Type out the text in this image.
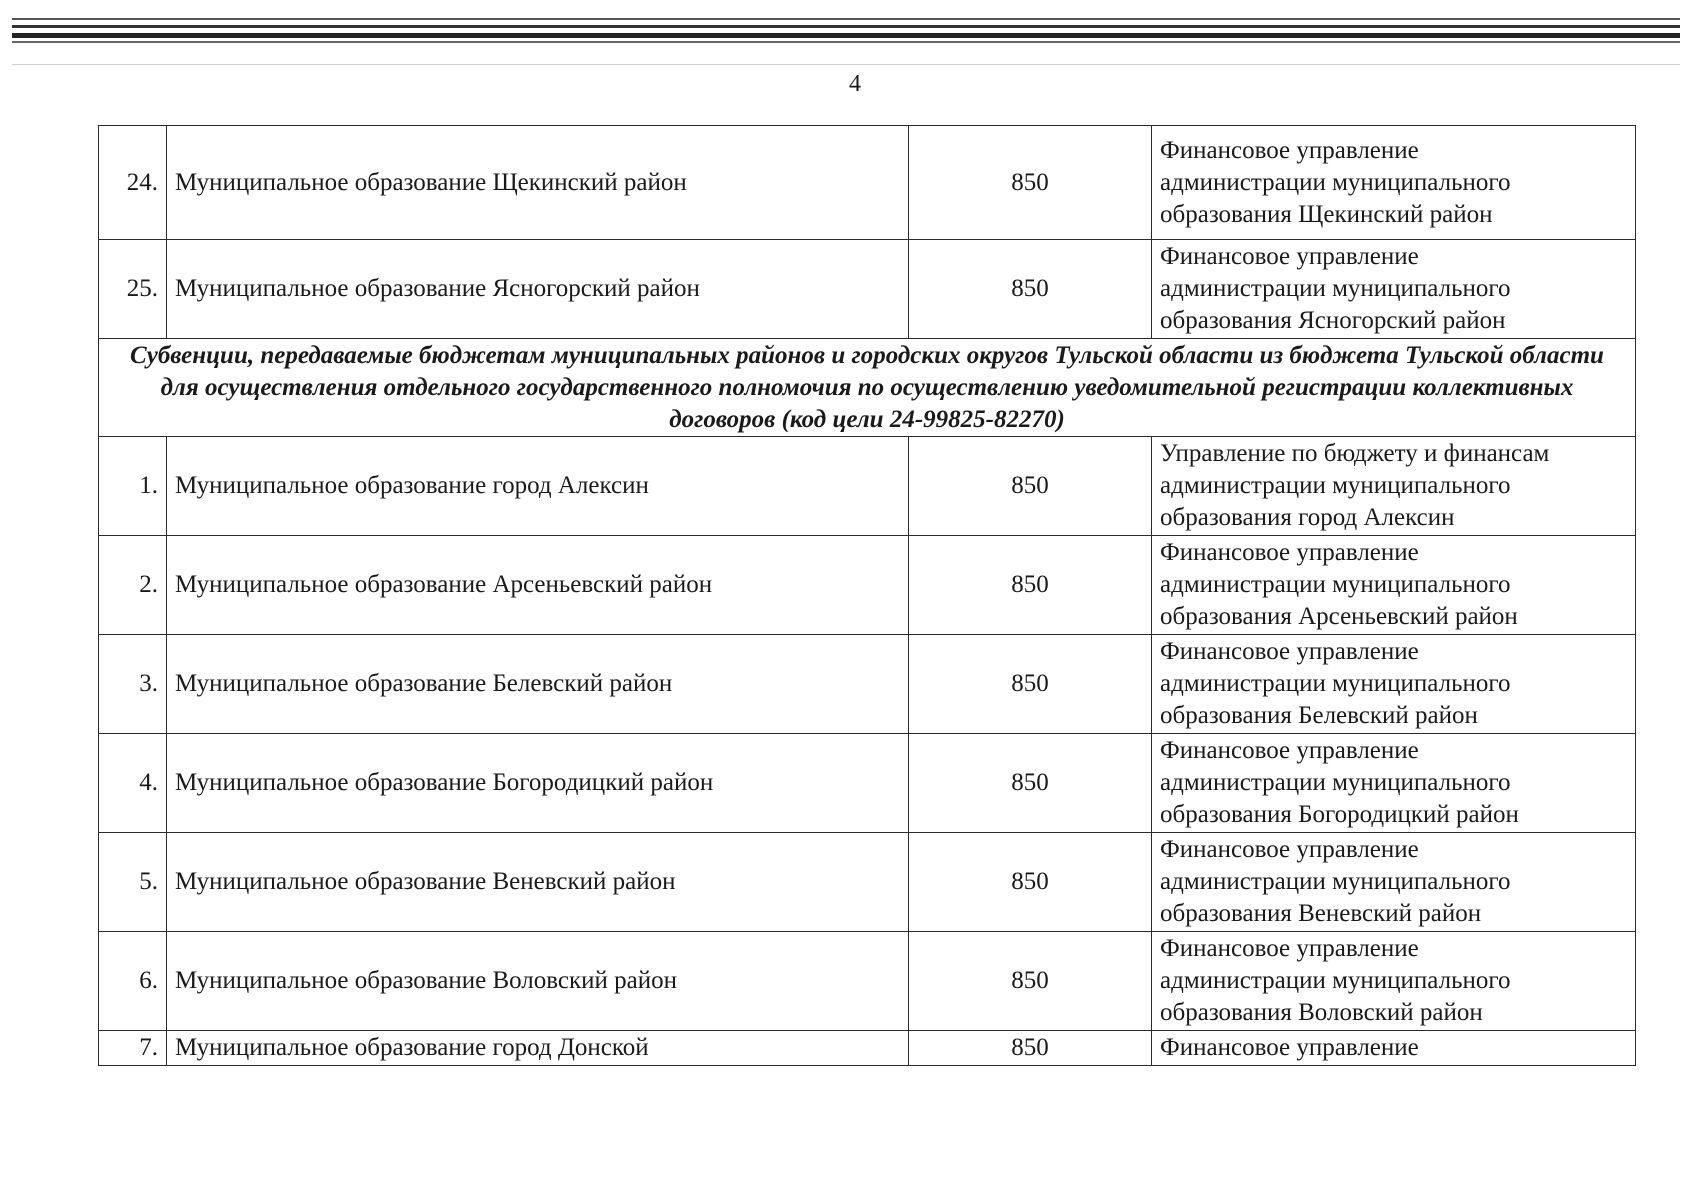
4
24.	Муниципальное образование Щекинский район	850	Финансовое управление
администрации муниципального
образования Щекинский район

25.	Муниципальное образование Ясногорский район	850	Финансовое управление
администрации муниципального
образования Ясногорский район

Субвенции, передаваемые бюджетам муниципальных районов и городских округов Тульской области из бюджета Тульской области для осуществления отдельного государственного полномочия по осуществлению уведомительной регистрации коллективных договоров (код цели 24-99825-82270)			
1.	Муниципальное образование город Алексин	850	Управление по бюджету и финансам
администрации муниципального
образования город Алексин

2.	Муниципальное образование Арсеньевский район	850	Финансовое управление
администрации муниципального
образования Арсеньевский район

3.	Муниципальное образование Белевский район	850	Финансовое управление
администрации муниципального
образования Белевский район

4.	Муниципальное образование Богородицкий район	850	Финансовое управление
администрации муниципального
образования Богородицкий район

5.	Муниципальное образование Веневский район	850	Финансовое управление
администрации муниципального
образования Веневский район

6.	Муниципальное образование Воловский район	850	Финансовое управление
администрации муниципального
образования Воловский район

7.	Муниципальное образование город Донской	850	Финансовое управление
